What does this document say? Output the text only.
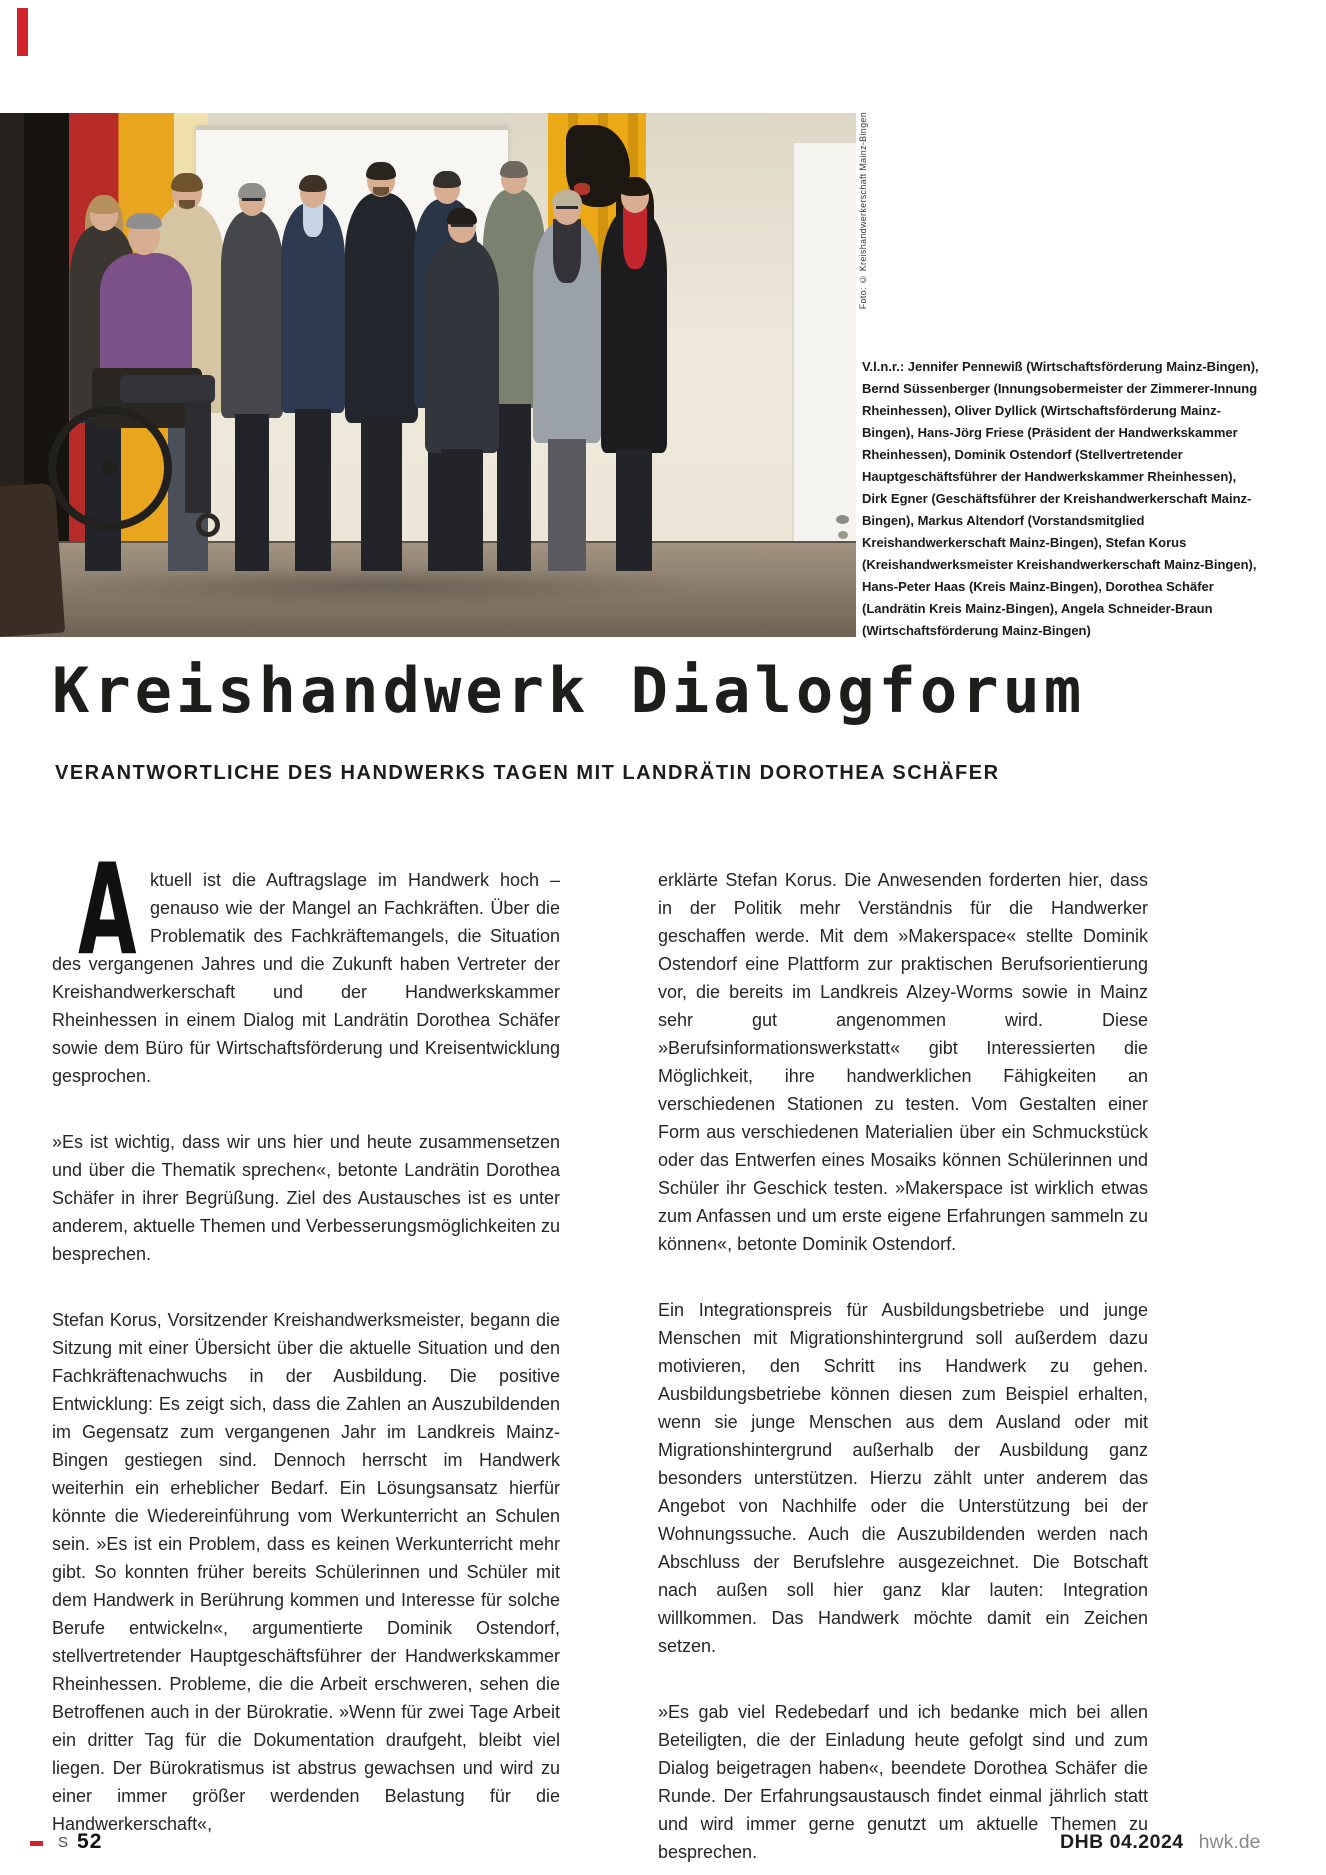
Foto: © Kreishandwerkerschaft Mainz-Bingen
V.l.n.r.: Jennifer Pennewiß (Wirtschaftsförderung Mainz-Bingen), Bernd Süssenberger (Innungsobermeister der Zimmerer-Innung Rheinhessen), Oliver Dyllick (Wirtschaftsförderung Mainz-Bingen), Hans-Jörg Friese (Präsident der Handwerkskammer Rheinhessen), Dominik Ostendorf (Stellvertretender Hauptgeschäftsführer der Handwerkskammer Rheinhessen), Dirk Egner (Geschäftsführer der Kreishandwerkerschaft Mainz-Bingen), Markus Altendorf (Vorstandsmitglied Kreishandwerkerschaft Mainz-Bingen), Stefan Korus (Kreishandwerksmeister Kreishandwerkerschaft Mainz-Bingen), Hans-Peter Haas (Kreis Mainz-Bingen), Dorothea Schäfer (Landrätin Kreis Mainz-Bingen), Angela Schneider-Braun (Wirtschaftsförderung Mainz-Bingen)
Kreishandwerk Dialogforum
VERANTWORTLICHE DES HANDWERKS TAGEN MIT LANDRÄTIN DOROTHEA SCHÄFER

Aktuell ist die Auftragslage im Handwerk hoch – genauso wie der Mangel an Fachkräften. Über die Problematik des Fachkräftemangels, die Situation des vergangenen Jahres und die Zukunft haben Vertreter der Kreishandwerkerschaft und der Handwerkskammer Rheinhessen in einem Dialog mit Landrätin Dorothea Schäfer sowie dem Büro für Wirtschaftsförderung und Kreisentwicklung gesprochen.

»Es ist wichtig, dass wir uns hier und heute zusammensetzen und über die Thematik sprechen«, betonte Landrätin Dorothea Schäfer in ihrer Begrüßung. Ziel des Austausches ist es unter anderem, aktuelle Themen und Verbesserungsmöglichkeiten zu besprechen.

Stefan Korus, Vorsitzender Kreishandwerksmeister, begann die Sitzung mit einer Übersicht über die aktuelle Situation und den Fachkräftenachwuchs in der Ausbildung. Die positive Entwicklung: Es zeigt sich, dass die Zahlen an Auszubildenden im Gegensatz zum vergangenen Jahr im Landkreis Mainz-Bingen gestiegen sind. Dennoch herrscht im Handwerk weiterhin ein erheblicher Bedarf. Ein Lösungsansatz hierfür könnte die Wiedereinführung vom Werkunterricht an Schulen sein. »Es ist ein Problem, dass es keinen Werkunterricht mehr gibt. So konnten früher bereits Schülerinnen und Schüler mit dem Handwerk in Berührung kommen und Interesse für solche Berufe entwickeln«, argumentierte Dominik Ostendorf, stellvertretender Hauptgeschäftsführer der Handwerkskammer Rheinhessen. Probleme, die die Arbeit erschweren, sehen die Betroffenen auch in der Bürokratie. »Wenn für zwei Tage Arbeit ein dritter Tag für die Dokumentation draufgeht, bleibt viel liegen. Der Bürokratismus ist abstrus gewachsen und wird zu einer immer größer werdenden Belastung für die Handwerkerschaft«,

erklärte Stefan Korus. Die Anwesenden forderten hier, dass in der Politik mehr Verständnis für die Handwerker geschaffen werde. Mit dem »Makerspace« stellte Dominik Ostendorf eine Plattform zur praktischen Berufsorientierung vor, die bereits im Landkreis Alzey-Worms sowie in Mainz sehr gut angenommen wird. Diese »Berufsinformationswerkstatt« gibt Interessierten die Möglichkeit, ihre handwerklichen Fähigkeiten an verschiedenen Stationen zu testen. Vom Gestalten einer Form aus verschiedenen Materialien über ein Schmuckstück oder das Entwerfen eines Mosaiks können Schülerinnen und Schüler ihr Geschick testen. »Makerspace ist wirklich etwas zum Anfassen und um erste eigene Erfahrungen sammeln zu können«, betonte Dominik Ostendorf.

Ein Integrationspreis für Ausbildungsbetriebe und junge Menschen mit Migrationshintergrund soll außerdem dazu motivieren, den Schritt ins Handwerk zu gehen. Ausbildungsbetriebe können diesen zum Beispiel erhalten, wenn sie junge Menschen aus dem Ausland oder mit Migrationshintergrund außerhalb der Ausbildung ganz besonders unterstützen. Hierzu zählt unter anderem das Angebot von Nachhilfe oder die Unterstützung bei der Wohnungssuche. Auch die Auszubildenden werden nach Abschluss der Berufslehre ausgezeichnet. Die Botschaft nach außen soll hier ganz klar lauten: Integration willkommen. Das Handwerk möchte damit ein Zeichen setzen.

»Es gab viel Redebedarf und ich bedanke mich bei allen Beteiligten, die der Einladung heute gefolgt sind und zum Dialog beigetragen haben«, beendete Dorothea Schäfer die Runde. Der Erfahrungsaustausch findet einmal jährlich statt und wird immer gerne genutzt um aktuelle Themen zu besprechen.

S 52	DHB 04.2024 hwk.de
